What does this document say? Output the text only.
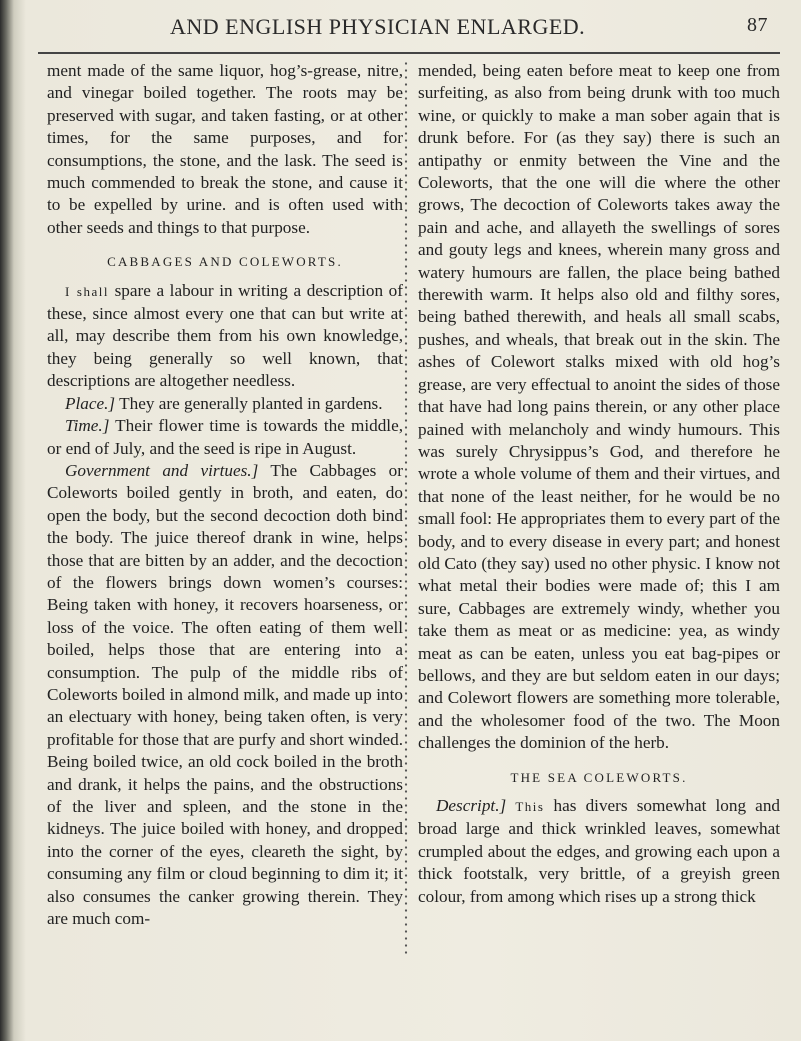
AND ENGLISH PHYSICIAN ENLARGED.	87

ment made of the same liquor, hog’s-grease, nitre, and vinegar boiled together. The roots may be preserved with sugar, and taken fasting, or at other times, for the same purposes, and for consumptions, the stone, and the lask. The seed is much commended to break the stone, and cause it to be expelled by urine. and is often used with other seeds and things to that purpose.

CABBAGES AND COLEWORTS.

I shall spare a labour in writing a description of these, since almost every one that can but write at all, may describe them from his own knowledge, they being generally so well known, that descriptions are altogether needless.

Place.] They are generally planted in gardens.

Time.] Their flower time is towards the middle, or end of July, and the seed is ripe in August.

Government and virtues.] The Cabbages or Coleworts boiled gently in broth, and eaten, do open the body, but the second decoction doth bind the body. The juice thereof drank in wine, helps those that are bitten by an adder, and the decoction of the flowers brings down women’s courses: Being taken with honey, it recovers hoarseness, or loss of the voice. The often eating of them well boiled, helps those that are entering into a consumption. The pulp of the middle ribs of Coleworts boiled in almond milk, and made up into an electuary with honey, being taken often, is very profitable for those that are purfy and short winded. Being boiled twice, an old cock boiled in the broth and drank, it helps the pains, and the obstructions of the liver and spleen, and the stone in the kidneys. The juice boiled with honey, and dropped into the corner of the eyes, cleareth the sight, by consuming any film or cloud beginning to dim it; it also consumes the canker growing therein. They are much com-

mended, being eaten before meat to keep one from surfeiting, as also from being drunk with too much wine, or quickly to make a man sober again that is drunk before. For (as they say) there is such an antipathy or enmity between the Vine and the Coleworts, that the one will die where the other grows, The decoction of Coleworts takes away the pain and ache, and allayeth the swellings of sores and gouty legs and knees, wherein many gross and watery humours are fallen, the place being bathed therewith warm. It helps also old and filthy sores, being bathed therewith, and heals all small scabs, pushes, and wheals, that break out in the skin. The ashes of Colewort stalks mixed with old hog’s grease, are very effectual to anoint the sides of those that have had long pains therein, or any other place pained with melancholy and windy humours. This was surely Chrysippus’s God, and therefore he wrote a whole volume of them and their virtues, and that none of the least neither, for he would be no small fool: He appropriates them to every part of the body, and to every disease in every part; and honest old Cato (they say) used no other physic. I know not what metal their bodies were made of; this I am sure, Cabbages are extremely windy, whether you take them as meat or as medicine: yea, as windy meat as can be eaten, unless you eat bag-pipes or bellows, and they are but seldom eaten in our days; and Colewort flowers are something more tolerable, and the wholesomer food of the two. The Moon challenges the dominion of the herb.

THE SEA COLEWORTS.

Descript.] This has divers somewhat long and broad large and thick wrinkled leaves, somewhat crumpled about the edges, and growing each upon a thick footstalk, very brittle, of a greyish green colour, from among which rises up a strong thick
